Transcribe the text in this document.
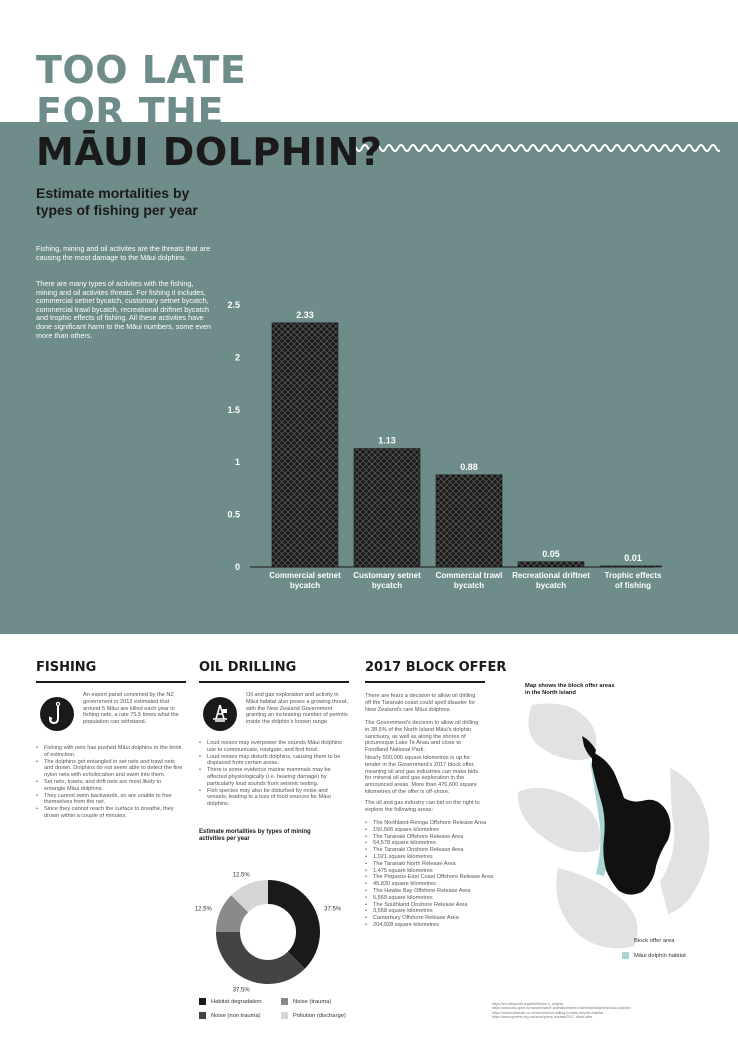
TOO LATE
FOR THE
MĀUI DOLPHIN?
Estimate mortalities by types of fishing per year
Fishing, mining and oil activites are the threats that are causing the most damage to the Māui dolphins.
There are many types of activites with the fishing, mining and oil activites threats. For fishing it includes, commercial setnet bycatch, customary setnet bycatch, commercial trawl bycatch, recreational driftnet bycatch and trophic effects of fishing. All these activities have done significant harm to the Māui numbers, some even more than others.
0
0.5
1
1.5
2
2.5
2.33
Commercial setnet
bycatch
1.13
Customary setnet
bycatch
0.88
Commercial trawl
bycatch
0.05
Recreational driftnet
bycatch
0.01
Trophic effects
of fishing
FISHING
An expert panel convened by the NZ government in 2012 estimated that around 5 Māui are killed each year in fishing nets, a rate 75.5 times what the population can withstand.
• Fishing with nets has pushed Māui dolphins to the brink of extinction.
• The dolphins get entangled in set nets and trawl nets and drown. Dolphins do not seem able to detect the fine nylon nets with echolocation and swim into them.
• Set nets, trawls, and drift nets are most likely to entangle Māui dolphins.
• They cannot swim backwards, so are unable to free themselves from the net.
• Since they cannot reach the surface to breathe, they drown within a couple of minutes.
OIL DRILLING
Oil and gas exploration and activity in Māui habitat also poses a growing threat, with the New Zealand Government granting an increasing number of permits inside the dolphin's known range.
• Loud noises may overpower the sounds Māui dolphins use to communicate, navigate, and find food.
• Loud noises may disturb dolphins, causing them to be displaced from certain areas.
• There is some evidence marine mammals may be affected physiologically (i.e. hearing damage) by particularly loud sounds from seismic testing.
• Fish species may also be disturbed by noise and vessels, leading to a loss of food sources for Māui dolphins.
Estimate mortalities by types of mining activities per year
37.5%
37.5%
12.5%
12.5%
Habitat degradation	Noise (trauma)
Noise (non trauma)	Pollution (discharge)
2017 BLOCK OFFER
There are fears a decision to allow oil drilling off the Taranaki coast could spell disaster for New Zealand's rare Māui dolphins.
The Government's decision to allow oil drilling in 38.5% of the North Island Māui's dolphin sanctuary, as well as along the shores of picturesque Lake Te Anau and close to Fiordland National Park.
Nearly 500,000 square kilometres is up for tender in the Government's 2017 block offer, meaning oil and gas industries can make bids for mineral oil and gas exploration in the announced areas. More than 476,600 square kilometres of the offer is off-shore.
The oil and gas industry can bid on the right to explore the following areas:
• The Northland-Reinga Offshore Release Area
• 150,566 square kilometres
• The Taranaki Offshore Release Area
• 64,578 square kilometres
• The Taranaki Onshore Release Area
• 1,021 square kilometres
• The Taranaki North Release Area
• 1,475 square kilometres
• The Pegasus-East Coast Offshore Release Area
• 45,830 square kilometres
• The Hawke Bay Offshore Release Area
• 5,569 square kilometres
• The Southland Onshore Release Area
• 3,568 square kilometres
• Canterbury Offshore Release Area
• 204,928 square kilometres
Map shows the block offer areas in the North Island
Block offer area
Māui dolphin habitat
https://en.wikipedia.org/wiki/Hector's_dolphin
https://www.doc.govt.nz/nature/native-animals/marine-mammals/dolphins/maui-dolphin/
https://www.nzherald.co.nz/nz/news/oil-drilling-in-maui-dolphin-habitat
https://www.greens.org.nz/news/press-release/2017-block-offer
